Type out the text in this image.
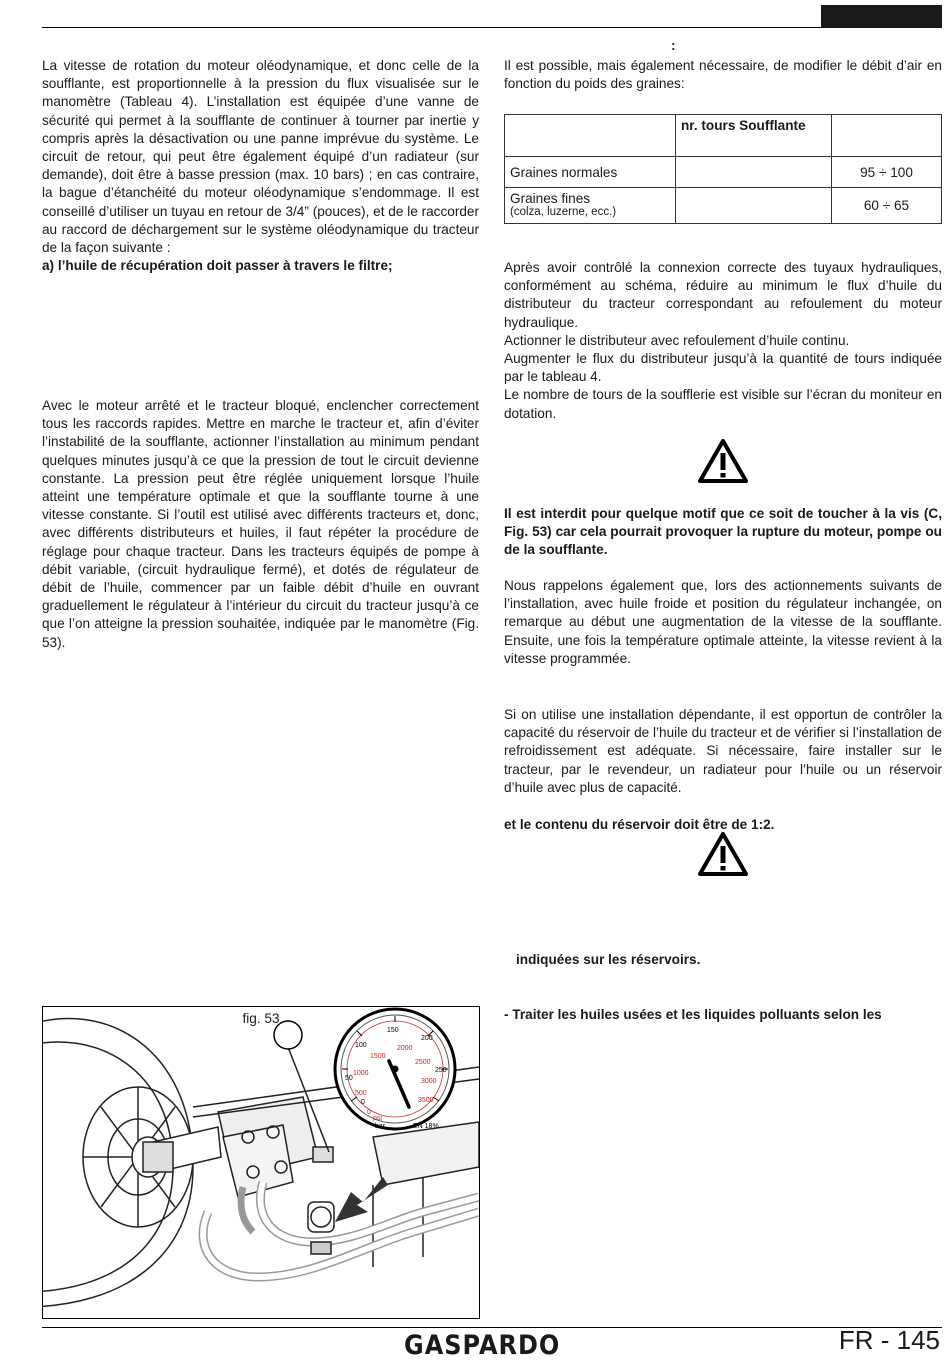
La vitesse de rotation du moteur oléodynamique, et donc celle de la soufflante, est proportionnelle à la pression du flux visualisée sur le manomètre (Tableau 4). L’installation est équipée d’une vanne de sécurité qui permet à la soufflante de continuer à tourner par inertie y compris après la désactivation ou une panne imprévue du système. Le circuit de retour, qui peut être également équipé d’un radiateur (sur demande), doit être à basse pression (max. 10 bars) ; en cas contraire, la bague d’étanchéité du moteur oléodynamique s’endommage. Il est conseillé d’utiliser un tuyau en retour de 3/4” (pouces), et de le raccorder au raccord de déchargement sur le système oléodynamique du tracteur de la façon suivante :

a) l’huile de récupération doit passer à travers le filtre;

Avec le moteur arrêté et le tracteur bloqué, enclencher correctement tous les raccords rapides. Mettre en marche le tracteur et, afin d’éviter l’instabilité de la soufflante, actionner l’installation au minimum pendant quelques minutes jusqu’à ce que la pression de tout le circuit devienne constante. La pression peut être réglée uniquement lorsque l’huile atteint une température optimale et que la soufflante tourne à une vitesse constante. Si l’outil est utilisé avec différents tracteurs et, donc, avec différents distributeurs et huiles, il faut répéter la procédure de réglage pour chaque tracteur. Dans les tracteurs équipés de pompe à débit variable, (circuit hydraulique fermé), et dotés de régulateur de débit de l’huile, commencer par un faible débit d’huile en ouvrant graduellement le régulateur à l’intérieur du circuit du tracteur jusqu’à ce que l’on atteigne la pression souhaitée, indiquée par le manomètre (Fig. 53).

:

Il est possible, mais également nécessaire, de modifier le débit d’air en fonction du poids des graines:

	nr. tours Soufflante	
Graines normales		95 ÷ 100

Graines fines
(colza, luzerne, ecc.)		60 ÷ 65

Après avoir contrôlé la connexion correcte des tuyaux hydrauliques, conformément au schéma, réduire au minimum le flux d’huile du distributeur du tracteur correspondant au refoulement du moteur hydraulique.

Actionner le distributeur avec refoulement d’huile continu.

Augmenter le flux du distributeur jusqu’à la quantité de tours indiquée par le tableau 4.

Le nombre de tours de la soufflerie est visible sur l’écran du moniteur en dotation.

Il est interdit pour quelque motif que ce soit de toucher à la vis (C, Fig. 53) car cela pourrait provoquer la rupture du moteur, pompe ou de la soufflante.

Nous rappelons également que, lors des actionnements suivants de l’installation, avec huile froide et position du régulateur inchangée, on remarque au début une augmentation de la vitesse de la soufflante. Ensuite, une fois la température optimale atteinte, la vitesse revient à la vitesse programmée.

Si on utilise une installation dépendante, il est opportun de contrôler la capacité du réservoir de l’huile du tracteur et de vérifier si l’installation de refroidissement est adéquate. Si nécessaire, faire installer sur le tracteur, par le revendeur, un radiateur pour l’huile ou un réservoir d’huile avec plus de capacité.

et le contenu du réservoir doit être de 1:2.
indiquées sur les réservoirs.
- Traiter les huiles usées et les liquides polluants selon les
fig. 53
0
500
1000
1500
2000
2500
3000
3500
psi
bar	EN 18%
0
50
100
150
200
250
GASPARDO	FR - 145
